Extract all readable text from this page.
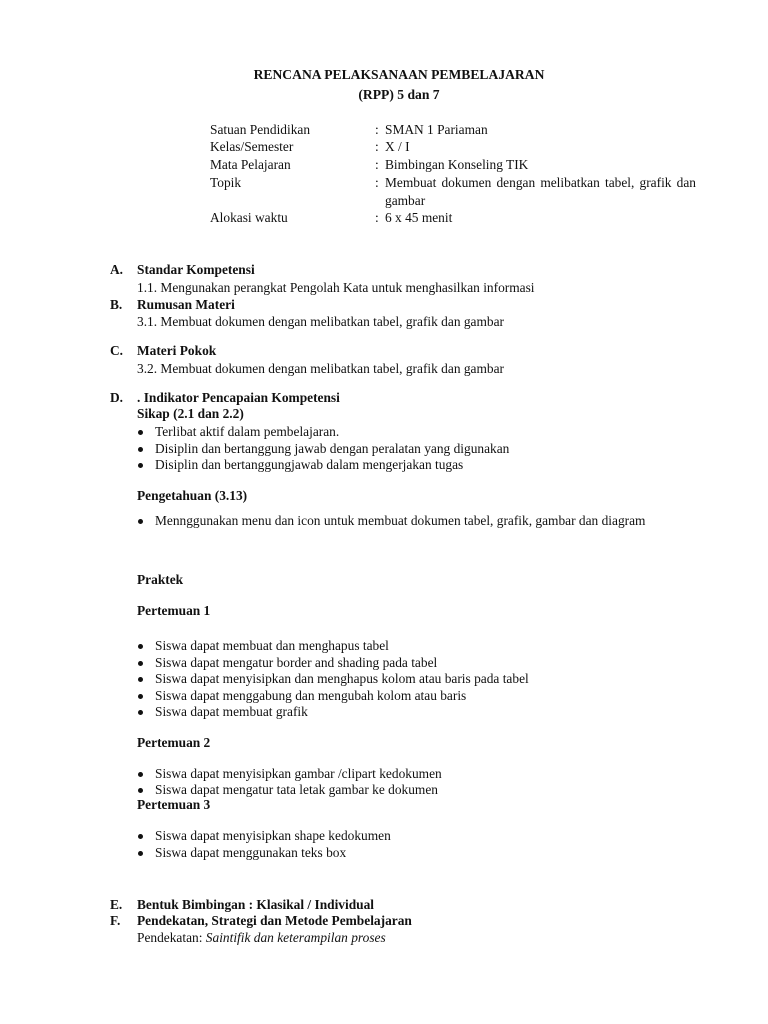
RENCANA PELAKSANAAN PEMBELAJARAN
(RPP) 5 dan 7
Satuan Pendidikan	: SMAN 1 Pariaman
Kelas/Semester	: X / I
Mata Pelajaran	: Bimbingan Konseling TIK
Topik	: Membuat dokumen dengan melibatkan tabel, grafik dan gambar
Alokasi waktu	: 6 x 45 menit
A. Standar Kompetensi
1.1. Mengunakan perangkat Pengolah Kata untuk menghasilkan informasi
B. Rumusan Materi
3.1. Membuat dokumen dengan melibatkan tabel, grafik dan gambar
C. Materi Pokok
3.2. Membuat dokumen dengan melibatkan tabel, grafik dan gambar
D. . Indikator Pencapaian Kompetensi
Sikap (2.1 dan 2.2)
Terlibat aktif dalam pembelajaran.
Disiplin dan bertanggung jawab dengan peralatan yang digunakan
Disiplin dan bertanggungjawab dalam mengerjakan tugas
Pengetahuan (3.13)
Mennggunakan menu dan icon untuk membuat dokumen tabel, grafik, gambar dan diagram
Praktek
Pertemuan 1
Siswa dapat membuat dan menghapus tabel
Siswa dapat mengatur border and shading pada tabel
Siswa dapat menyisipkan dan menghapus kolom atau baris pada tabel
Siswa dapat menggabung dan mengubah kolom atau baris
Siswa dapat membuat grafik
Pertemuan 2
Siswa dapat menyisipkan gambar /clipart kedokumen
Siswa dapat mengatur tata letak gambar ke dokumen
Pertemuan 3
Siswa dapat menyisipkan shape kedokumen
Siswa dapat menggunakan teks box
E. Bentuk Bimbingan : Klasikal / Individual
F. Pendekatan, Strategi dan Metode Pembelajaran
Pendekatan: Saintifik dan keterampilan proses
